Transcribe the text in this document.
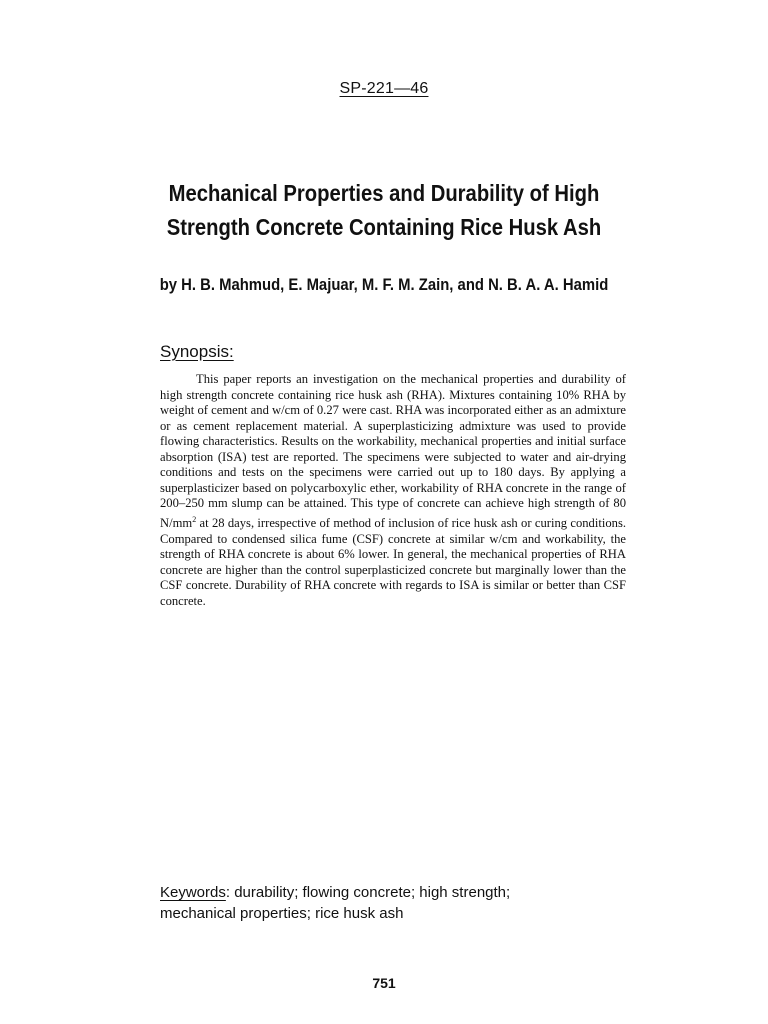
SP-221—46
Mechanical Properties and Durability of High
Strength Concrete Containing Rice Husk Ash
by H. B. Mahmud, E. Majuar, M. F. M. Zain, and N. B. A. A. Hamid
Synopsis:

This paper reports an investigation on the mechanical properties and durability of high strength concrete containing rice husk ash (RHA). Mixtures containing 10% RHA by weight of cement and w/cm of 0.27 were cast. RHA was incorporated either as an admixture or as cement replacement material. A superplasticizing admixture was used to provide flowing characteristics. Results on the workability, mechanical properties and initial surface absorption (ISA) test are reported. The specimens were subjected to water and air-drying conditions and tests on the specimens were carried out up to 180 days. By applying a superplasticizer based on polycarboxylic ether, workability of RHA concrete in the range of 200–250 mm slump can be attained. This type of concrete can achieve high strength of 80 $N/mm^2$ at 28 days, irrespective of method of inclusion of rice husk ash or curing conditions. Compared to condensed silica fume (CSF) concrete at similar w/cm and workability, the strength of RHA concrete is about 6% lower. In general, the mechanical properties of RHA concrete are higher than the control superplasticized concrete but marginally lower than the CSF concrete. Durability of RHA concrete with regards to ISA is similar or better than CSF concrete.

Keywords: durability; flowing concrete; high strength;
mechanical properties; rice husk ash
751
